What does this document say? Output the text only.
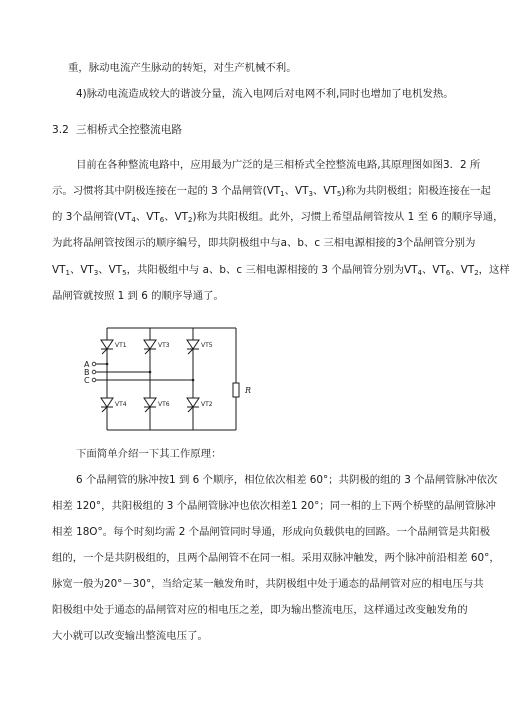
重，脉动电流产生脉动的转矩，对生产机械不利。
4)脉动电流造成较大的谐波分量，流入电网后对电网不利,同时也增加了电机发热。
3.2 三相桥式全控整流电路
目前在各种整流电路中，应用最为广泛的是三相桥式全控整流电路,其原理图如图3．2 所
示。习惯将其中阴极连接在一起的 3 个晶闸管($VT_1$、$VT_3$、$VT_5$)称为共阴极组；阳极连接在一起
的 3个晶闸管($VT_4$、$VT_6$、$VT_2$)称为共阳极组。此外，习惯上希望晶闸管按从 1 至 6 的顺序导通，
为此将晶闸管按图示的顺序编号，即共阴极组中与a、b、c 三相电源相接的3个晶闸管分别为
$VT_1$、$VT_3$、$VT_5$，共阳极组中与 a、b、c 三相电源相接的 3 个晶闸管分别为$VT_4$、$VT_6$、$VT_2$，这样
晶闸管就按照 1 到 6 的顺序导通了。
VT1	VT3	VT5
VT4	VT6	VT2
A
B
C
R
下面简单介绍一下其工作原理：
6 个晶闸管的脉冲按1 到 6 个顺序，相位依次相差 60°；共阴极的组的 3 个晶闸管脉冲依次
相差 120°，共阳极组的 3 个晶闸管脉冲也依次相差1 20°；同一相的上下两个桥壁的晶闸管脉冲
相差 18O°。每个时刻均需 2 个晶闸管同时导通，形成向负载供电的回路。一个晶闸管是共阳极
组的，一个是共阴极组的，且两个晶闸管不在同一相。采用双脉冲触发，两个脉冲前沿相差 60°，
脉宽一般为20°－30°，当给定某一触发角时，共阴极组中处于通态的晶闸管对应的相电压与共
阳极组中处于通态的晶闸管对应的相电压之差，即为输出整流电压，这样通过改变触发角的
大小就可以改变输出整流电压了。
